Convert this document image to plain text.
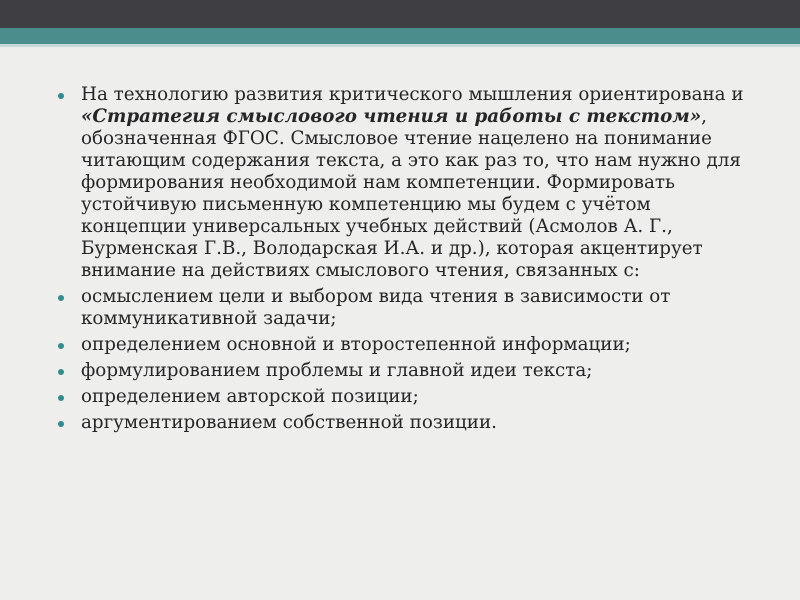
На технологию развития критического мышления ориентирована и «Стратегия смыслового чтения и работы с текстом», обозначенная ФГОС. Смысловое чтение нацелено на понимание читающим содержания текста, а это как раз то, что нам нужно для формирования необходимой нам компетенции. Формировать устойчивую письменную компетенцию мы будем с учётом концепции универсальных учебных действий (Асмолов А. Г., Бурменская Г.В., Володарская И.А. и др.), которая акцентирует внимание на действиях смыслового чтения, связанных с:
осмыслением цели и выбором вида чтения в зависимости от коммуникативной задачи;
определением основной и второстепенной информации;
формулированием проблемы и главной идеи текста;
определением авторской позиции;
аргументированием собственной позиции.
